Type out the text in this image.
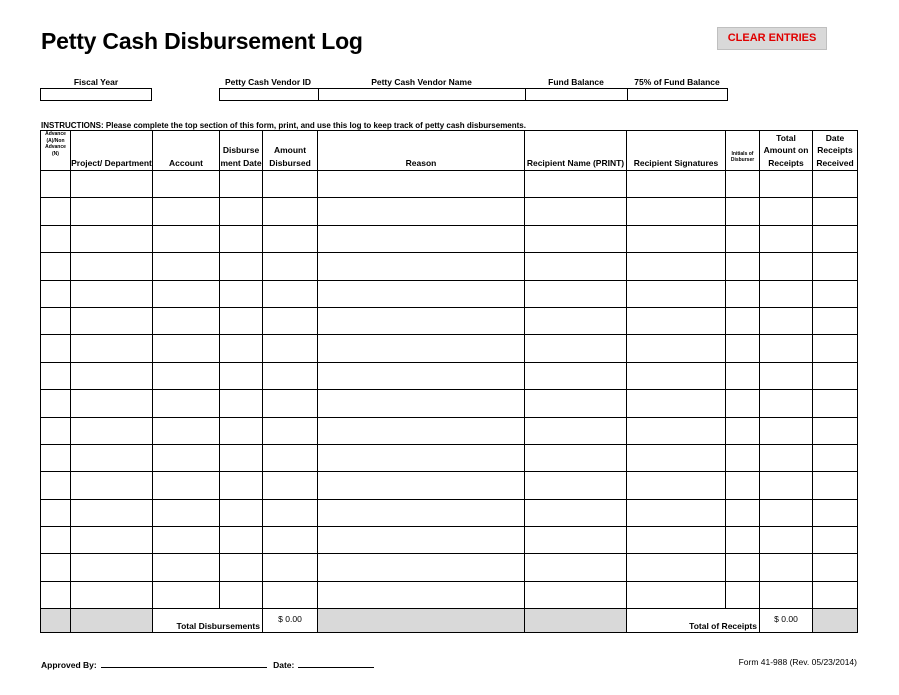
Petty Cash Disbursement Log	CLEAR ENTRIES
Fiscal Year	Petty Cash Vendor ID	Petty Cash Vendor Name	Fund Balance	75% of Fund Balance
INSTRUCTIONS: Please complete the top section of this form, print, and use this log to keep track of petty cash disbursements.
Advance (A)/Non Advance (N)	Project/ Department	Account	Disburse ment Date	Amount Disbursed	Reason	Recipient Name (PRINT)	Recipient Signatures	Initials of Disburser	Total Amount on Receipts	Date Receipts Received

		Total Disbursements		$ 0.00			Total of Receipts		$ 0.00	
Approved By:	Date:	Form 41-988 (Rev. 05/23/2014)
